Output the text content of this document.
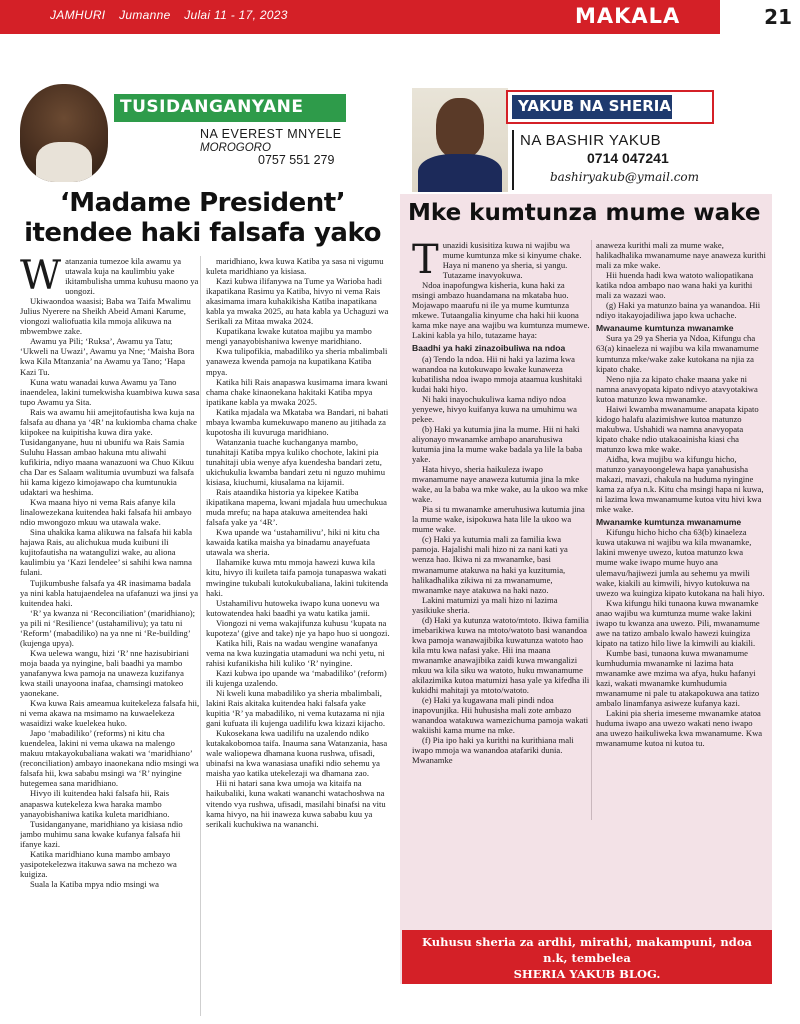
JAMHURI Jumanne Julai 11 - 17, 2023	MAKALA	21
TUSIDANGANYANE
NA EVEREST MNYELE
MOROGORO
0757 551 279
‘Madame President’ itendee haki falsafa yako

Watanzania tumezoe kila awamu ya utawala kuja na kaulimbiu yake ikitambulisha umma kuhusu maono ya uongozi.

Ukiwaondoa waasisi; Baba wa Taifa Mwalimu Julius Nyerere na Sheikh Abeid Amani Karume, viongozi waliofuatia kila mmoja alikuwa na mbwembwe zake.

Awamu ya Pili; ‘Ruksa’, Awamu ya Tatu; ‘Ukweli na Uwazi’, Awamu ya Nne; ‘Maisha Bora kwa Kila Mtanzania’ na Awamu ya Tano; ‘Hapa Kazi Tu.

Kuna watu wanadai kuwa Awamu ya Tano inaendelea, lakini tumekwisha kuambiwa kuwa sasa tupo Awamu ya Sita.

Rais wa awamu hii amejitofautisha kwa kuja na falsafa au dhana ya ‘4R’ na kukiomba chama chake kiipokee na kuipitisha kuwa dira yake. Tusidanganyane, huu ni ubunifu wa Rais Samia Suluhu Hassan ambao hakuna mtu aliwahi kufikiria, ndiyo maana wanazuoni wa Chuo Kikuu cha Dar es Salaam walitumia uvumbuzi wa falsafa hii kama kigezo kimojawapo cha kumtunukia udaktari wa heshima.

Kwa maana hiyo ni vema Rais afanye kila linalowezekana kuitendea haki falsafa hii ambayo ndio mwongozo mkuu wa utawala wake.

Sina uhakika kama alikuwa na falsafa hii kabla hajawa Rais, au alichukua muda kuibuni ili kujitofautisha na watangulizi wake, au aliona kaulimbiu ya ‘Kazi Iendelee’ si sahihi kwa namna fulani.

Tujikumbushe falsafa ya 4R inasimama badala ya nini kabla hatujaendelea na ufafanuzi wa jinsi ya kuitendea haki.

‘R’ ya kwanza ni ‘Reconciliation’ (maridhiano); ya pili ni ‘Resilience’ (ustahamilivu); ya tatu ni ‘Reform’ (mabadiliko) na ya nne ni ‘Re-building’ (kujenga upya).

Kwa uelewa wangu, hizi ‘R’ nne hazisubiriani moja baada ya nyingine, bali baadhi ya mambo yanafanywa kwa pamoja na unaweza kuzifanya kwa staili unayoona inafaa, chamsingi matokeo yaonekane.

Kwa kuwa Rais ameamua kuitekeleza falsafa hii, ni vema akawa na msimamo na kuwaelekeza wasaidizi wake kuelekea huko.

Japo ‘mabadiliko’ (reforms) ni kitu cha kuendelea, lakini ni vema ukawa na malengo makuu mtakayokubaliana wakati wa ‘maridhiano’ (reconciliation) ambayo inaonekana ndio msingi wa falsafa hii, kwa sababu msingi wa ‘R’ nyingine hutegemea sana maridhiano.

Hivyo ili kuitendea haki falsafa hii, Rais anapaswa kutekeleza kwa haraka mambo yanayobishaniwa katika kuleta maridhiano.

Tusidanganyane, maridhiano ya kisiasa ndio jambo muhimu sana kwake kufanya falsafa hii ifanye kazi.

Katika maridhiano kuna mambo ambayo yasipotekelezwa itakuwa sawa na mchezo wa kuigiza.

Suala la Katiba mpya ndio msingi wa

maridhiano, kwa kuwa Katiba ya sasa ni vigumu kuleta maridhiano ya kisiasa.

Kazi kubwa ilifanywa na Tume ya Warioba hadi ikapatikana Rasimu ya Katiba, hivyo ni vema Rais akasimama imara kuhakikisha Katiba inapatikana kabla ya mwaka 2025, au hata kabla ya Uchaguzi wa Serikali za Mitaa mwaka 2024.

Kupatikana kwake kutatoa majibu ya mambo mengi yanayobishaniwa kwenye maridhiano.

Kwa tulipofikia, mabadiliko ya sheria mbalimbali yanaweza kwenda pamoja na kupatikana Katiba mpya.

Katika hili Rais anapaswa kusimama imara kwani chama chake kinaonekana hakitaki Katiba mpya ipatikane kabla ya mwaka 2025.

Katika mjadala wa Mkataba wa Bandari, ni bahati mbaya kwamba kumekuwapo maneno au jitihada za kupotosha ili kuvuruga maridhiano.

Watanzania tuache kuchanganya mambo, tunahitaji Katiba mpya kuliko chochote, lakini pia tunahitaji ubia wenye afya kuendesha bandari zetu, ukichukulia kwamba bandari zetu ni nguzo muhimu kisiasa, kiuchumi, kiusalama na kijamii.

Rais ataandika historia ya kipekee Katiba ikipatikana mapema, kwani mjadala huu umechukua muda mrefu; na hapa atakuwa ameitendea haki falsafa yake ya ‘4R’.

Kwa upande wa ‘ustahamilivu’, hiki ni kitu cha kawaida katika maisha ya binadamu anayefuata utawala wa sheria.

Ilahamike kuwa mtu mmoja hawezi kuwa kila kitu, hivyo ili kuileta taifa pamoja tunapaswa wakati mwingine tukubali kutokukubaliana, lakini tukitenda haki.

Ustahamilivu hutoweka iwapo kuna uonevu wa kutowatendea haki baadhi ya watu katika jamii.

Viongozi ni vema wakajifunza kuhusu ‘kupata na kupoteza’ (give and take) nje ya hapo huo si uongozi.

Katika hili, Rais na wadau wengine wanafanya vema na kwa kuzingatia utamaduni wa nchi yetu, ni rahisi kufanikisha hili kuliko ‘R’ nyingine.

Kazi kubwa ipo upande wa ‘mabadiliko’ (reform) ili kujenga uzalendo.

Ni kweli kuna mabadiliko ya sheria mbalimbali, lakini Rais akitaka kuitendea haki falsafa yake kupitia ‘R’ ya mabadiliko, ni vema kutazama ni njia gani kufuata ili kujenga uadilifu kwa kizazi kijacho.

Kukosekana kwa uadilifu na uzalendo ndiko kutakakobomoa taifa. Inauma sana Watanzania, hasa wale waliopewa dhamana kuona rushwa, ufisadi, ubinafsi na kwa wanasiasa unafiki ndio sehemu ya maisha yao katika utekelezaji wa dhamana zao.

Hii ni hatari sana kwa umoja wa kitaifa na haikubaliki, kuna wakati wananchi watachoshwa na vitendo vya rushwa, ufisadi, masilahi binafsi na vitu kama hivyo, na hii inaweza kuwa sababu kuu ya serikali kuchukiwa na wananchi.

YAKUB NA SHERIA
NA BASHIR YAKUB
0714 047241
bashiryakub@ymail.com
Mke kumtunza mume wake

Tunazidi kusisitiza kuwa ni wajibu wa mume kumtunza mke si kinyume chake. Haya ni maneno ya sheria, si yangu. Tutazame inavyokuwa.

Ndoa inapofungwa kisheria, kuna haki za msingi ambazo huandamana na mkataba huo. Mojawapo maarufu ni ile ya mume kumtunza mkewe. Tutaangalia kinyume cha haki hii kuona kama mke naye ana wajibu wa kumtunza mumewe. Lakini kabla ya hilo, tutazame haya:

Baadhi ya haki zinazoibuliwa na ndoa

(a) Tendo la ndoa. Hii ni haki ya lazima kwa wanandoa na kutokuwapo kwake kunaweza kubatilisha ndoa iwapo mmoja ataamua kushitaki kudai haki hiyo.

Ni haki inayochukuliwa kama ndiyo ndoa yenyewe, hivyo kuifanya kuwa na umuhimu wa pekee.

(b) Haki ya kutumia jina la mume. Hii ni haki aliyonayo mwanamke ambapo anaruhusiwa kutumia jina la mume wake badala ya lile la baba yake.

Hata hivyo, sheria haikuleza iwapo mwanamume naye anaweza kutumia jina la mke wake, au la baba wa mke wake, au la ukoo wa mke wake.

Pia si tu mwanamke ameruhusiwa kutumia jina la mume wake, isipokuwa hata lile la ukoo wa mume wake.

(c) Haki ya kutumia mali za familia kwa pamoja. Hajalishi mali hizo ni za nani kati ya wenza hao. Ikiwa ni za mwanamke, basi mwanamume atakuwa na haki ya kuzitumia, halikadhalika zikiwa ni za mwanamume, mwanamke naye atakuwa na haki nazo.

Lakini matumizi ya mali hizo ni lazima yasikiuke sheria.

(d) Haki ya kutunza watoto/mtoto. Ikiwa familia imebarikiwa kuwa na mtoto/watoto basi wanandoa kwa pamoja wanawajibika kuwatunza watoto hao kila mtu kwa nafasi yake. Hii ina maana mwanamke anawajibika zaidi kuwa mwangalizi mkuu wa kila siku wa watoto, huku mwanamume akilazimika kutoa matumizi hasa yale ya kifedha ili kukidhi mahitaji ya mtoto/watoto.

(e) Haki ya kugawana mali pindi ndoa inapovunjika. Hii huhusisha mali zote ambazo wanandoa watakuwa wamezichuma pamoja wakati wakiishi kama mume na mke.

(f) Pia ipo haki ya kurithi na kurithiana mali iwapo mmoja wa wanandoa atafariki dunia. Mwanamke

anaweza kurithi mali za mume wake, halikadhalika mwanamume naye anaweza kurithi mali za mke wake.

Hii huenda hadi kwa watoto waliopatikana katika ndoa ambapo nao wana haki ya kurithi mali za wazazi wao.

(g) Haki ya matunzo baina ya wanandoa. Hii ndiyo itakayojadiliwa japo kwa uchache.

Mwanaume kumtunza mwanamke

Sura ya 29 ya Sheria ya Ndoa, Kifungu cha 63(a) kinaeleza ni wajibu wa kila mwanamume kumtunza mke/wake zake kutokana na njia za kipato chake.

Neno njia za kipato chake maana yake ni namna anavyopata kipato ndivyo atavyotakiwa kutoa matunzo kwa mwanamke.

Haiwi kwamba mwanamume anapata kipato kidogo halafu alazimishwe kutoa matunzo makubwa. Ushahidi wa namna anavyopata kipato chake ndio utakaoainisha kiasi cha matunzo kwa mke wake.

Aidha, kwa mujibu wa kifungu hicho, matunzo yanayoongelewa hapa yanahusisha makazi, mavazi, chakula na huduma nyingine kama za afya n.k. Kitu cha msingi hapa ni kuwa, ni lazima kwa mwanamume kutoa vitu hivi kwa mke wake.

Mwanamke kumtunza mwanamume

Kifungu hicho hicho cha 63(b) kinaeleza kuwa utakuwa ni wajibu wa kila mwanamke, lakini mwenye uwezo, kutoa matunzo kwa mume wake iwapo mume huyo ana ulemavu/hajiwezi jumla au sehemu ya mwili wake, kiakili au kimwili, hivyo kutokuwa na uwezo wa kuingiza kipato kutokana na hali hiyo.

Kwa kifungu hiki tunaona kuwa mwanamke anao wajibu wa kumtunza mume wake lakini iwapo tu kwanza ana uwezo. Pili, mwanamume awe na tatizo ambalo kwalo hawezi kuingiza kipato na tatizo hilo liwe la kimwili au kiakili.

Kumbe basi, tunaona kuwa mwanamume kumhudumia mwanamke ni lazima hata mwanamke awe mzima wa afya, huku hafanyi kazi, wakati mwanamke kumhudumia mwanamume ni pale tu atakapokuwa ana tatizo ambalo linamfanya asiweze kufanya kazi.

Lakini pia sheria imeseme mwanamke atatoa huduma iwapo ana uwezo wakati neno iwapo ana uwezo haikuliweka kwa mwanamume. Kwa mwanamume kutoa ni kutoa tu.

Kuhusu sheria za ardhi, mirathi, makampuni, ndoa
n.k, tembelea
SHERIA YAKUB BLOG.
